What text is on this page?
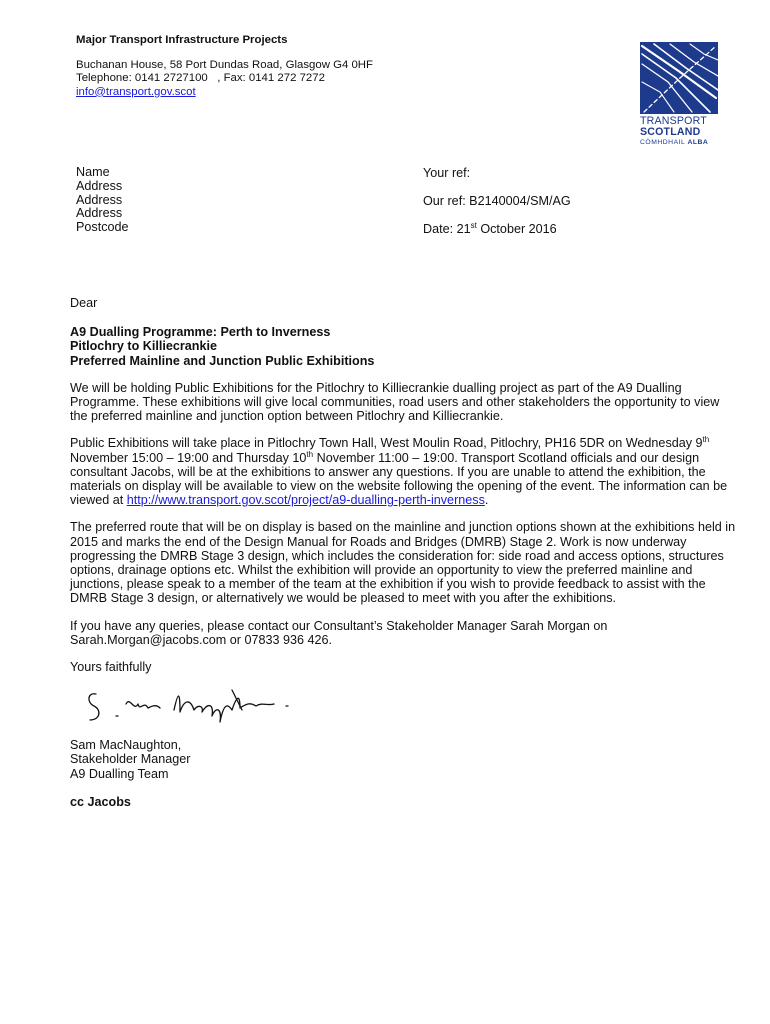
Major Transport Infrastructure Projects
Buchanan House, 58 Port Dundas Road, Glasgow G4 0HF
Telephone: 0141 2727100   , Fax: 0141 272 7272
info@transport.gov.scot
TRANSPORT
SCOTLAND
CÒMHDHAIL ALBA
Name
Address
Address
Address
Postcode
Your ref:
Our ref: B2140004/SM/AG
Date: 21st October 2016

Dear

A9 Dualling Programme: Perth to Inverness
Pitlochry to Killiecrankie
Preferred Mainline and Junction Public Exhibitions

We will be holding Public Exhibitions for the Pitlochry to Killiecrankie dualling project as part of the A9 Dualling Programme. These exhibitions will give local communities, road users and other stakeholders the opportunity to view the preferred mainline and junction option between Pitlochry and Killiecrankie.

Public Exhibitions will take place in Pitlochry Town Hall, West Moulin Road, Pitlochry, PH16 5DR on Wednesday 9th November 15:00 – 19:00 and Thursday 10th November 11:00 – 19:00. Transport Scotland officials and our design consultant Jacobs, will be at the exhibitions to answer any questions. If you are unable to attend the exhibition, the materials on display will be available to view on the website following the opening of the event. The information can be viewed at http://www.transport.gov.scot/project/a9-dualling-perth-inverness.

The preferred route that will be on display is based on the mainline and junction options shown at the exhibitions held in 2015 and marks the end of the Design Manual for Roads and Bridges (DMRB) Stage 2. Work is now underway progressing the DMRB Stage 3 design, which includes the consideration for: side road and access options, structures options, drainage options etc. Whilst the exhibition will provide an opportunity to view the preferred mainline and junctions, please speak to a member of the team at the exhibition if you wish to provide feedback to assist with the DMRB Stage 3 design, or alternatively we would be pleased to meet with you after the exhibitions.

If you have any queries, please contact our Consultant’s Stakeholder Manager Sarah Morgan on Sarah.Morgan@jacobs.com or 07833 936 426.

Yours faithfully

Sam MacNaughton,
Stakeholder Manager
A9 Dualling Team

cc Jacobs
